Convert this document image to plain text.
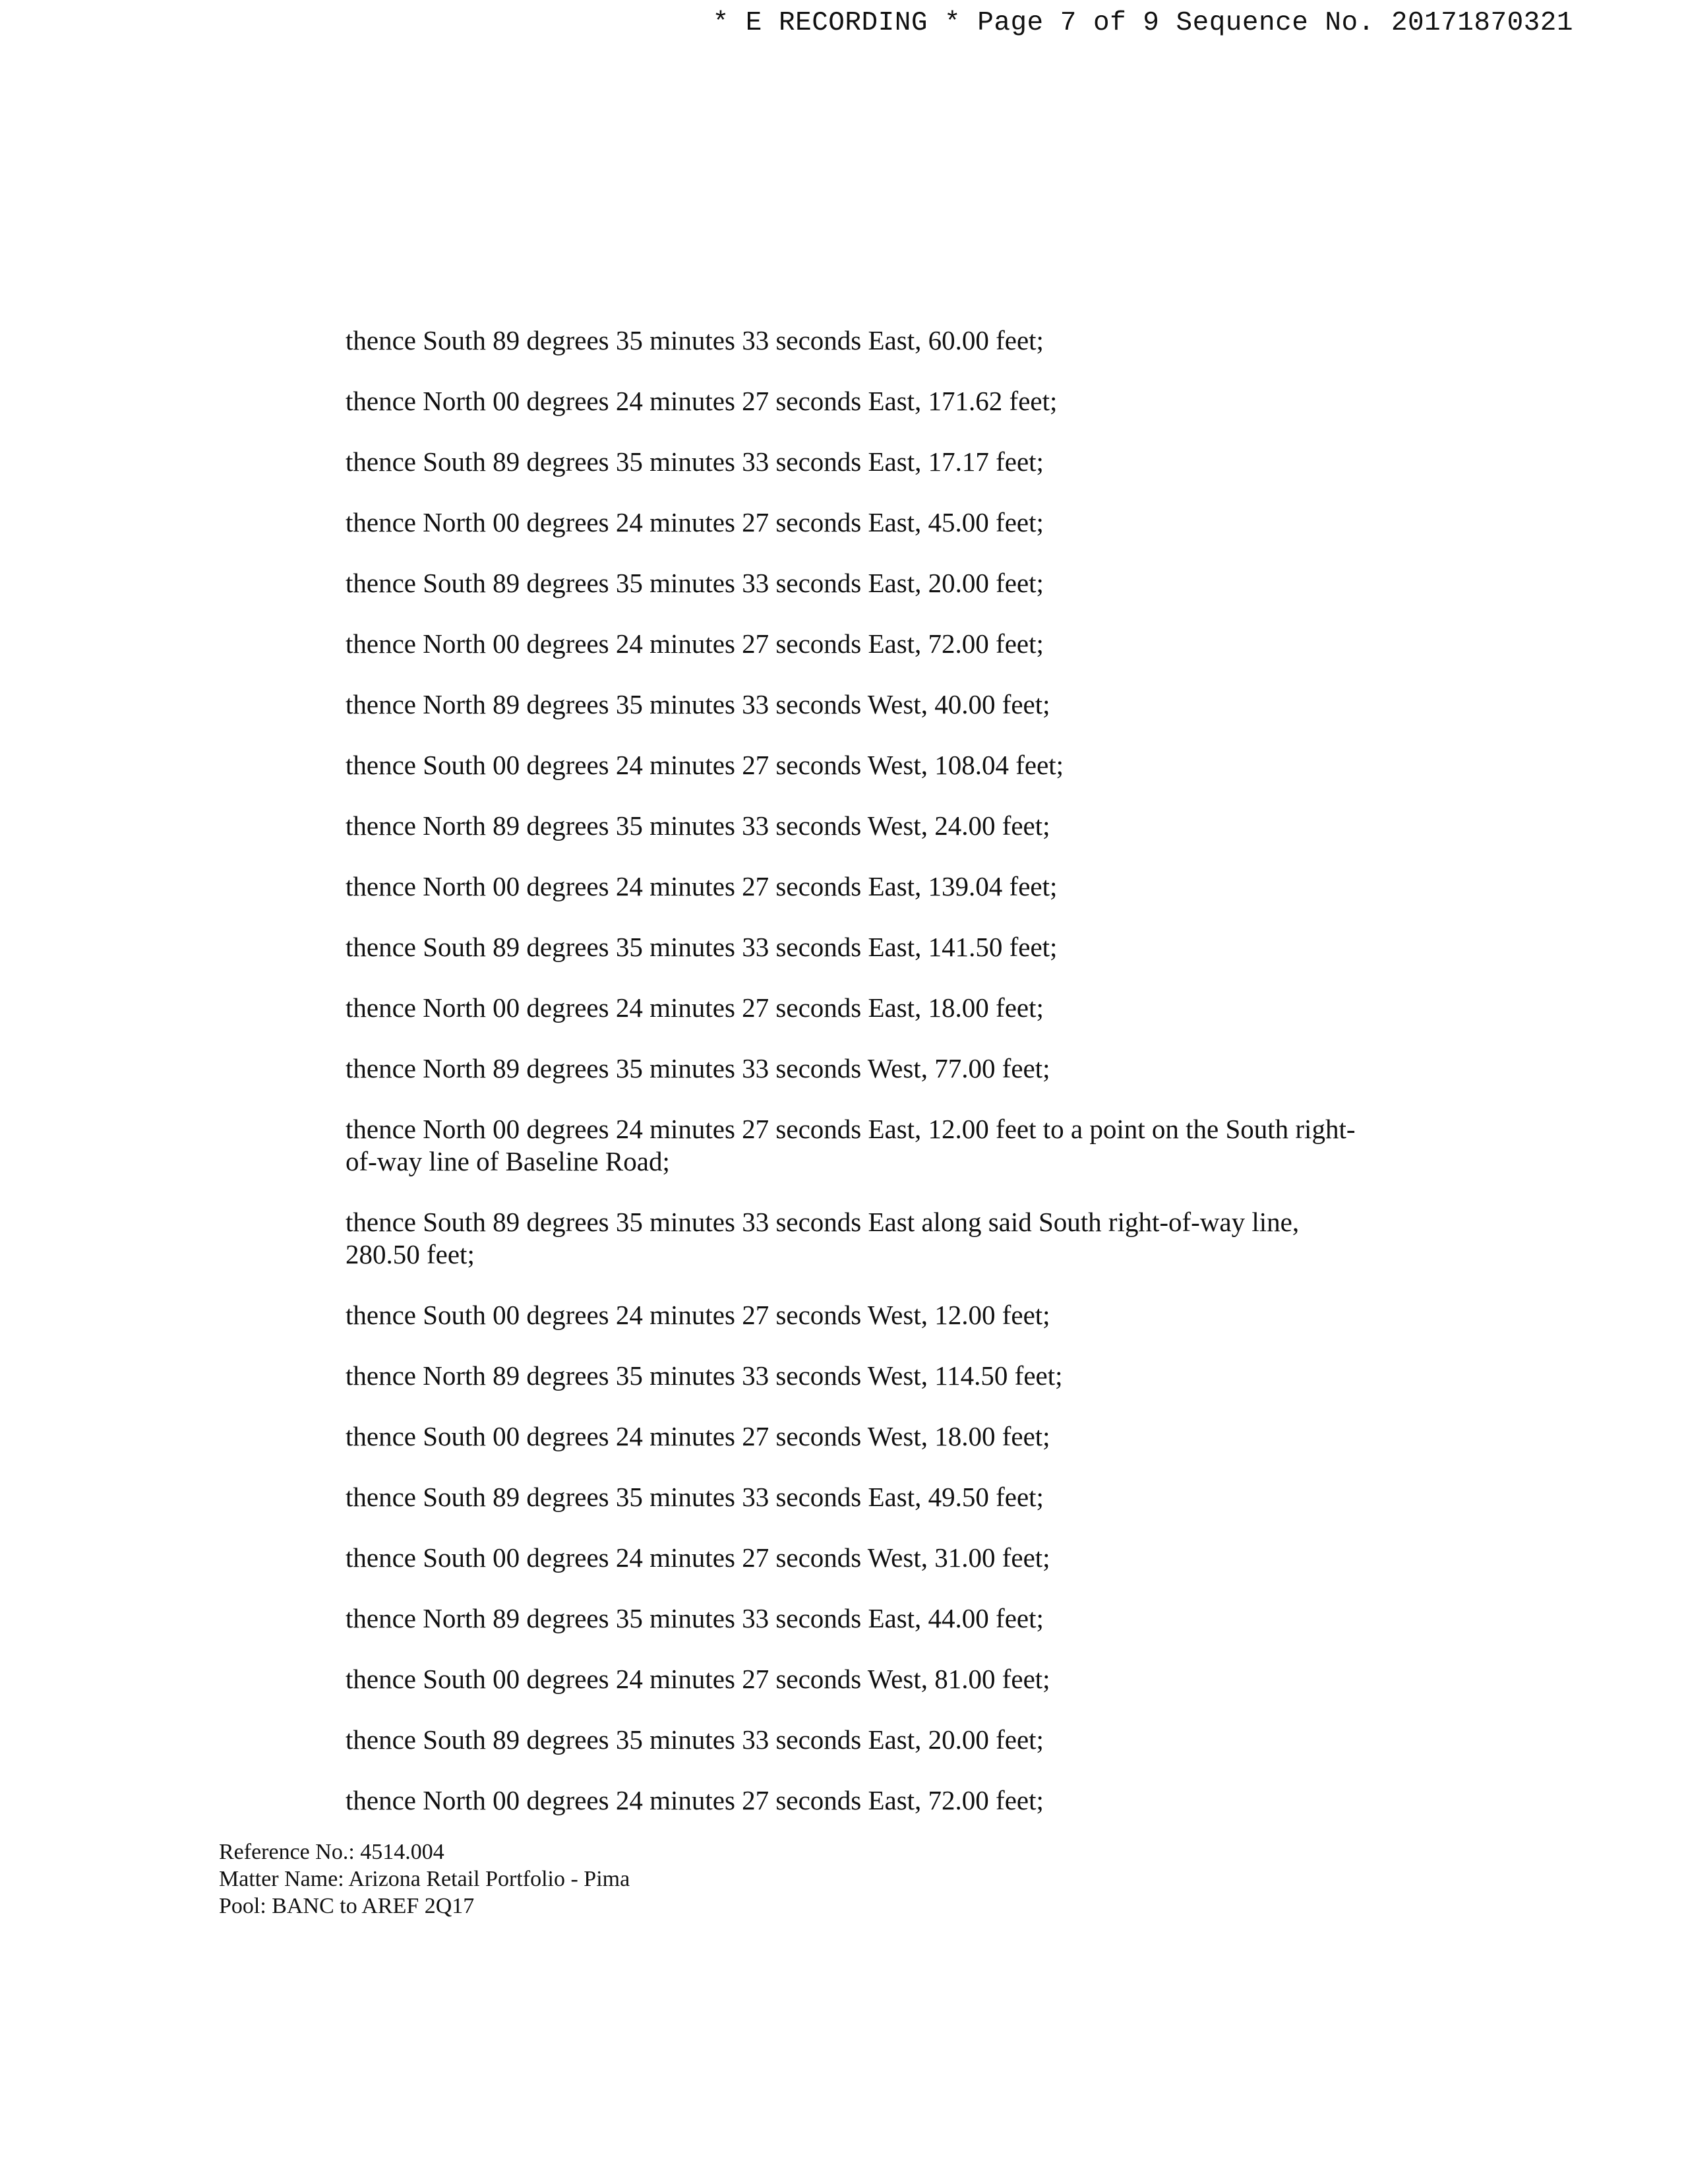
* E RECORDING * Page 7 of 9 Sequence No. 20171870321

thence South 89 degrees 35 minutes 33 seconds East, 60.00 feet;

thence North 00 degrees 24 minutes 27 seconds East, 171.62 feet;

thence South 89 degrees 35 minutes 33 seconds East, 17.17 feet;

thence North 00 degrees 24 minutes 27 seconds East, 45.00 feet;

thence South 89 degrees 35 minutes 33 seconds East, 20.00 feet;

thence North 00 degrees 24 minutes 27 seconds East, 72.00 feet;

thence North 89 degrees 35 minutes 33 seconds West, 40.00 feet;

thence South 00 degrees 24 minutes 27 seconds West, 108.04 feet;

thence North 89 degrees 35 minutes 33 seconds West, 24.00 feet;

thence North 00 degrees 24 minutes 27 seconds East, 139.04 feet;

thence South 89 degrees 35 minutes 33 seconds East, 141.50 feet;

thence North 00 degrees 24 minutes 27 seconds East, 18.00 feet;

thence North 89 degrees 35 minutes 33 seconds West, 77.00 feet;

thence North 00 degrees 24 minutes 27 seconds East, 12.00 feet to a point on the South right-of-way line of Baseline Road;

thence South 89 degrees 35 minutes 33 seconds East along said South right-of-way line, 280.50 feet;

thence South 00 degrees 24 minutes 27 seconds West, 12.00 feet;

thence North 89 degrees 35 minutes 33 seconds West, 114.50 feet;

thence South 00 degrees 24 minutes 27 seconds West, 18.00 feet;

thence South 89 degrees 35 minutes 33 seconds East, 49.50 feet;

thence South 00 degrees 24 minutes 27 seconds West, 31.00 feet;

thence North 89 degrees 35 minutes 33 seconds East, 44.00 feet;

thence South 00 degrees 24 minutes 27 seconds West, 81.00 feet;

thence South 89 degrees 35 minutes 33 seconds East, 20.00 feet;

thence North 00 degrees 24 minutes 27 seconds East, 72.00 feet;

Reference No.: 4514.004
Matter Name: Arizona Retail Portfolio - Pima
Pool: BANC to AREF 2Q17
